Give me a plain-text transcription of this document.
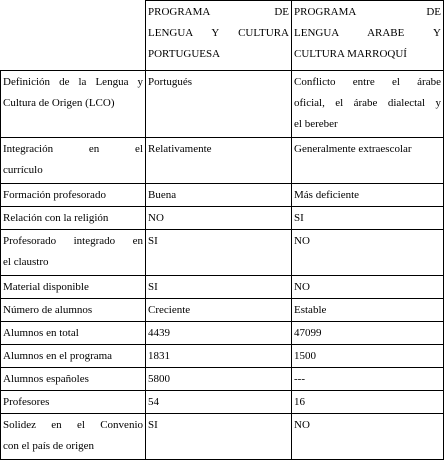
	PROGRAMA DE
LENGUA Y CULTURA
PORTUGUESA	PROGRAMA DE
LENGUA ARABE Y
CULTURA MARROQUÍ

Definición de la Lengua y
Cultura de Origen (LCO)	Portugués	Conflicto entre el árabe
oficial, el árabe dialectal y
el bereber

Integración en el
currículo	Relativamente	Generalmente extraescolar
Formación profesorado	Buena	Más deficiente
Relación con la religión	NO	SI

Profesorado integrado en
el claustro	SI	NO
Material disponible	SI	NO
Número de alumnos	Creciente	Estable
Alumnos en total	4439	47099
Alumnos en el programa	1831	1500
Alumnos españoles	5800	---
Profesores	54	16

Solidez en el Convenio
con el país de origen	SI	NO
